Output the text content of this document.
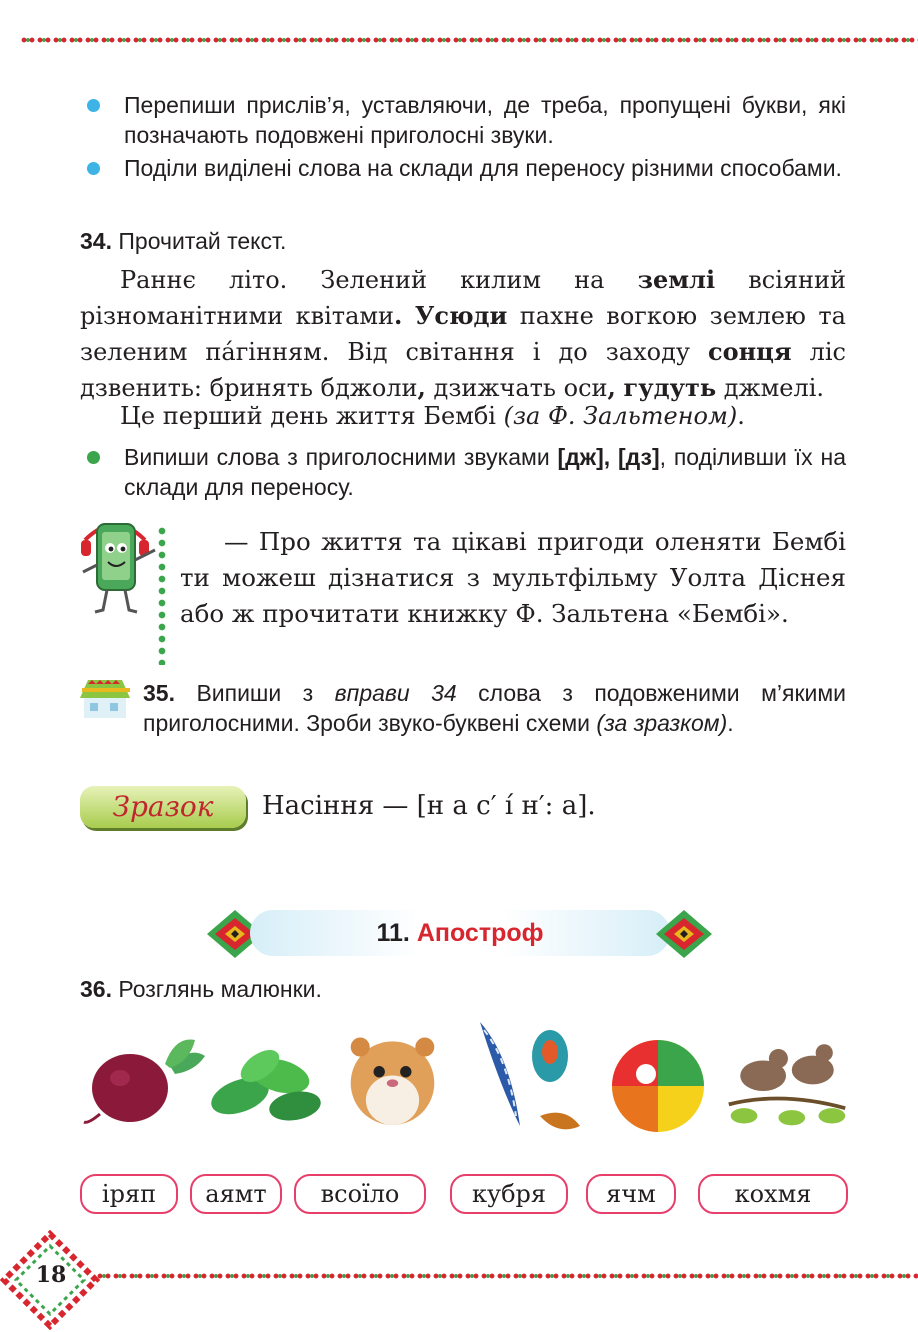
Перепиши прислів’я, уставляючи, де треба, пропущені букви, які позначають подовжені приголосні звуки.
Поділи виділені слова на склади для переносу різними способами.
34. Прочитай текст.
Раннє літо. Зелений килим на землі всіяний різноманітними квітами. Усюди пахне вогкою землею та зеленим па́гінням. Від світання і до заходу сонця ліс дзвенить: бринять бджоли, дзижчать оси, гудуть джмелі.
Це перший день життя Бембі (за Ф. Зальтеном).
Випиши слова з приголосними звуками [дж], [дз], поділивши їх на склади для переносу.
— Про життя та цікаві пригоди оленяти Бембі ти можеш дізнатися з мультфільму Уолта Діснея або ж прочитати книжку Ф. Зальтена «Бембі».
35. Випиши з вправи 34 слова з подовженими м’якими приголосними. Зроби звуко-буквені схеми (за зразком).
Зразок	Насіння — [н а с′ і́ н′: а].
11. Апостроф
36. Розглянь малюнки.
іряп	аямт	всоїло	кубря	ячм	кохмя
18
